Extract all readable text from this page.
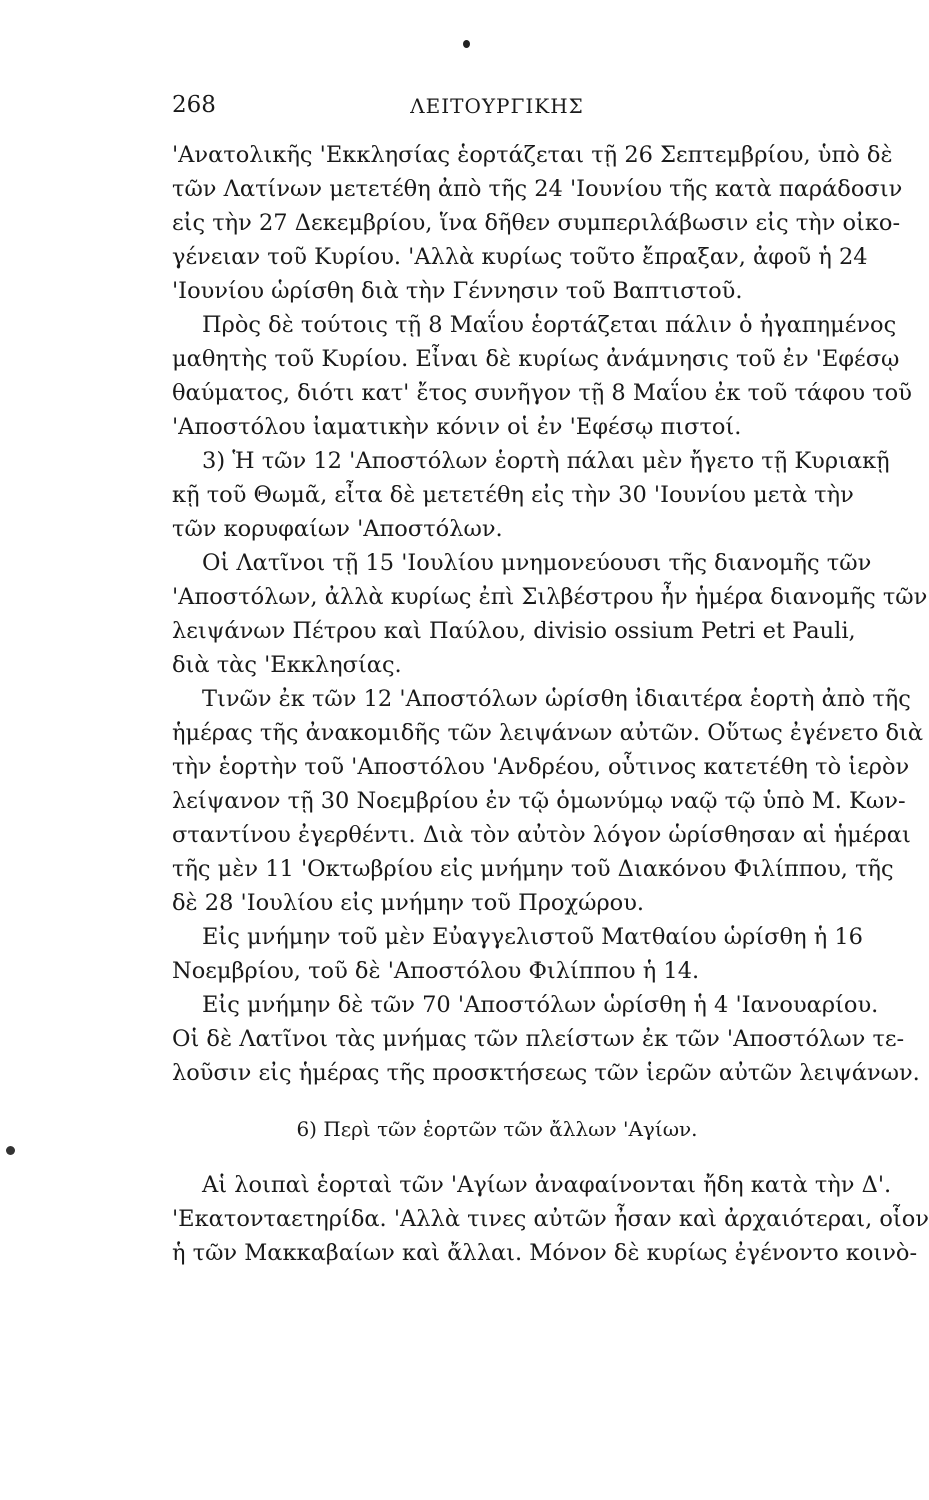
268	ΛΕΙΤΟΥΡΓΙΚΗΣ
'Ανατολικῆς 'Εκκλησίας ἑορτάζεται τῇ 26 Σεπτεμβρίου, ὑπὸ δὲ
τῶν Λατίνων μετετέθη ἀπὸ τῆς 24 'Ιουνίου τῆς κατὰ παράδοσιν
εἰς τὴν 27 Δεκεμβρίου, ἵνα δῆθεν συμπεριλάβωσιν εἰς τὴν οἰκο-
γένειαν τοῦ Κυρίου. 'Αλλὰ κυρίως τοῦτο ἔπραξαν, ἀφοῦ ἡ 24
'Ιουνίου ὡρίσθη διὰ τὴν Γέννησιν τοῦ Βαπτιστοῦ.
Πρὸς δὲ τούτοις τῇ 8 Μαΐου ἑορτάζεται πάλιν ὁ ἠγαπημένος
μαθητὴς τοῦ Κυρίου. Εἶναι δὲ κυρίως ἀνάμνησις τοῦ ἐν 'Εφέσῳ
θαύματος, διότι κατ' ἔτος συνῆγον τῇ 8 Μαΐου ἐκ τοῦ τάφου τοῦ
'Αποστόλου ἰαματικὴν κόνιν οἱ ἐν 'Εφέσῳ πιστοί.
3) Ἡ τῶν 12 'Αποστόλων ἑορτὴ πάλαι μὲν ἤγετο τῇ Κυριακῇ
κῇ τοῦ Θωμᾶ, εἶτα δὲ μετετέθη εἰς τὴν 30 'Ιουνίου μετὰ τὴν
τῶν κορυφαίων 'Αποστόλων.
Οἱ Λατῖνοι τῇ 15 'Ιουλίου μνημονεύουσι τῆς διανομῆς τῶν
'Αποστόλων, ἀλλὰ κυρίως ἐπὶ Σιλβέστρου ἦν ἡμέρα διανομῆς τῶν
λειψάνων Πέτρου καὶ Παύλου, divisio ossium Petri et Pauli,
διὰ τὰς 'Εκκλησίας.
Τινῶν ἐκ τῶν 12 'Αποστόλων ὡρίσθη ἰδιαιτέρα ἑορτὴ ἀπὸ τῆς
ἡμέρας τῆς ἀνακομιδῆς τῶν λειψάνων αὐτῶν. Οὕτως ἐγένετο διὰ
τὴν ἑορτὴν τοῦ 'Αποστόλου 'Ανδρέου, οὗτινος κατετέθη τὸ ἱερὸν
λείψανον τῇ 30 Νοεμβρίου ἐν τῷ ὁμωνύμῳ ναῷ τῷ ὑπὸ Μ. Κων-
σταντίνου ἐγερθέντι. Διὰ τὸν αὐτὸν λόγον ὡρίσθησαν αἱ ἡμέραι
τῆς μὲν 11 'Οκτωβρίου εἰς μνήμην τοῦ Διακόνου Φιλίππου, τῆς
δὲ 28 'Ιουλίου εἰς μνήμην τοῦ Προχώρου.
Εἰς μνήμην τοῦ μὲν Εὐαγγελιστοῦ Ματθαίου ὡρίσθη ἡ 16
Νοεμβρίου, τοῦ δὲ 'Αποστόλου Φιλίππου ἡ 14.
Εἰς μνήμην δὲ τῶν 70 'Αποστόλων ὡρίσθη ἡ 4 'Ιανουαρίου.
Οἱ δὲ Λατῖνοι τὰς μνήμας τῶν πλείστων ἐκ τῶν 'Αποστόλων τε-
λοῦσιν εἰς ἡμέρας τῆς προσκτήσεως τῶν ἱερῶν αὐτῶν λειψάνων.
6) Περὶ τῶν ἑορτῶν τῶν ἄλλων 'Αγίων.
Αἱ λοιπαὶ ἑορταὶ τῶν 'Αγίων ἀναφαίνονται ἤδη κατὰ τὴν Δ'.
'Εκατονταετηρίδα. 'Αλλὰ τινες αὐτῶν ἦσαν καὶ ἀρχαιότεραι, οἷον
ἡ τῶν Μακκαβαίων καὶ ἄλλαι. Μόνον δὲ κυρίως ἐγένοντο κοινὸ-
